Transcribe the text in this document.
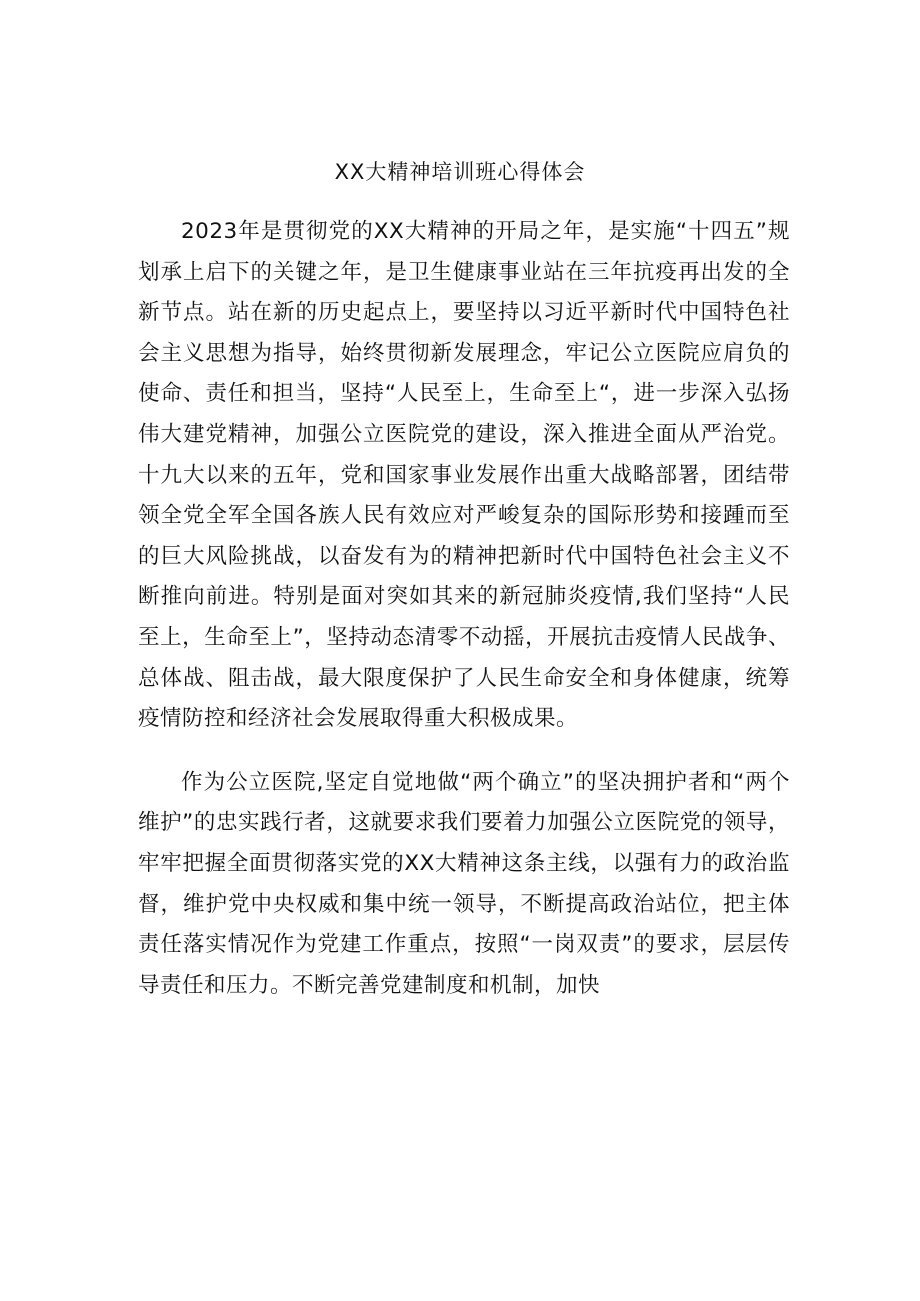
XX大精神培训班心得体会

2023年是贯彻党的XX大精神的开局之年，是实施“十四五”规划承上启下的关键之年，是卫生健康事业站在三年抗疫再出发的全新节点。站在新的历史起点上，要坚持以习近平新时代中国特色社会主义思想为指导，始终贯彻新发展理念，牢记公立医院应肩负的使命、责任和担当，坚持“人民至上，生命至上“，进一步深入弘扬伟大建党精神，加强公立医院党的建设，深入推进全面从严治党。十九大以来的五年，党和国家事业发展作出重大战略部署，团结带领全党全军全国各族人民有效应对严峻复杂的国际形势和接踵而至的巨大风险挑战，以奋发有为的精神把新时代中国特色社会主义不断推向前进。特别是面对突如其来的新冠肺炎疫情,我们坚持“人民至上，生命至上”，坚持动态清零不动摇，开展抗击疫情人民战争、总体战、阻击战，最大限度保护了人民生命安全和身体健康，统筹疫情防控和经济社会发展取得重大积极成果。

作为公立医院,坚定自觉地做“两个确立”的坚决拥护者和“两个维护”的忠实践行者，这就要求我们要着力加强公立医院党的领导，牢牢把握全面贯彻落实党的XX大精神这条主线，以强有力的政治监督，维护党中央权威和集中统一领导，不断提高政治站位，把主体责任落实情况作为党建工作重点，按照“一岗双责”的要求，层层传导责任和压力。不断完善党建制度和机制，加快
